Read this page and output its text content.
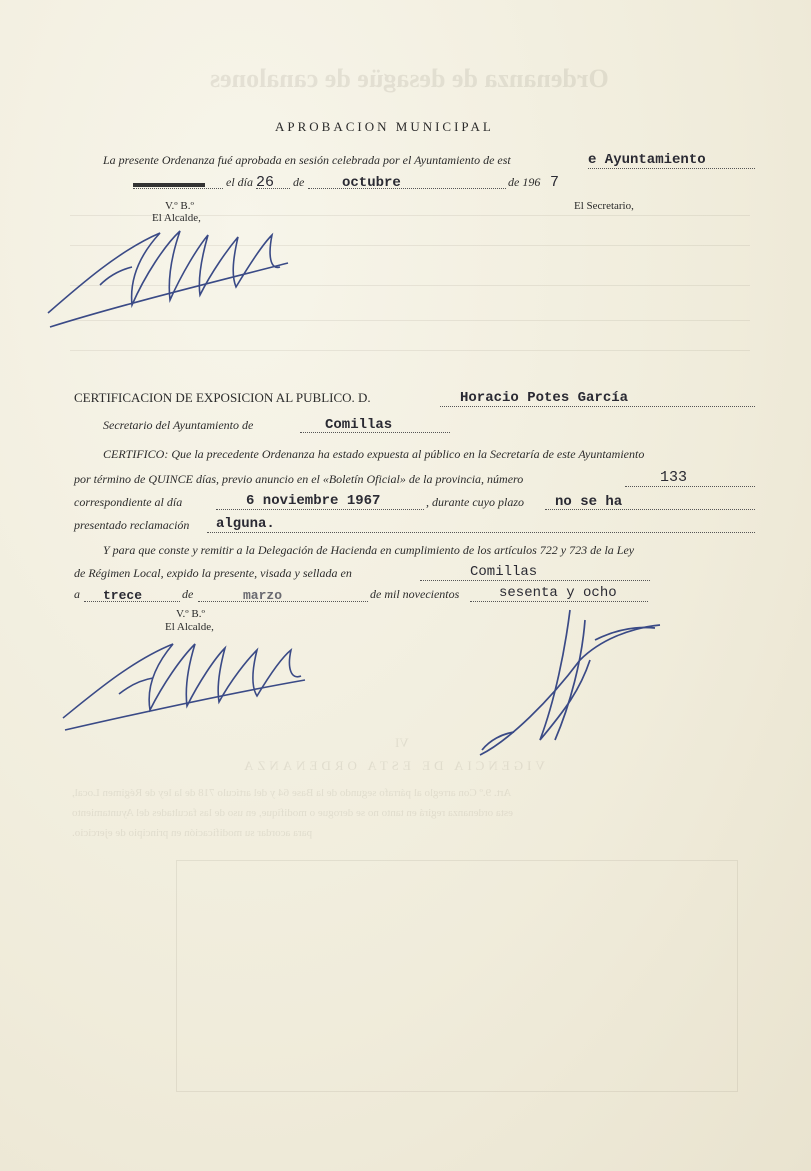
Ordenanza de desagüe de canalones
VI
VIGENCIA DE ESTA ORDENANZA
Art. 9.º Con arreglo al párrafo segundo de la Base 64 y del artículo 718 de la ley de Régimen Local,
esta ordenanza regirá en tanto no se derogue o modifique, en uso de las facultades del Ayuntamiento
para acordar su modificación en principio de ejercicio.
APROBACION MUNICIPAL
La presente Ordenanza fué aprobada en sesión celebrada por el Ayuntamiento de est	e Ayuntamiento
el día 26 de	octubre	de 196 7
V.º B.º
El Alcalde,
El Secretario,
CERTIFICACION DE EXPOSICION AL PUBLICO. D.	Horacio Potes García
Secretario del Ayuntamiento de	Comillas
CERTIFICO: Que la precedente Ordenanza ha estado expuesta al público en la Secretaría de este Ayuntamiento
por término de QUINCE días, previo anuncio en el «Boletín Oficial» de la provincia, número	133
correspondiente al día	6 noviembre 1967	, durante cuyo plazo no se ha
presentado reclamación alguna.
Y para que conste y remitir a la Delegación de Hacienda en cumplimiento de los artículos 722 y 723 de la Ley
de Régimen Local, expido la presente, visada y sellada en	Comillas
a trece	de	marzo	de mil novecientos	sesenta y ocho
V.º B.º
El Alcalde,
